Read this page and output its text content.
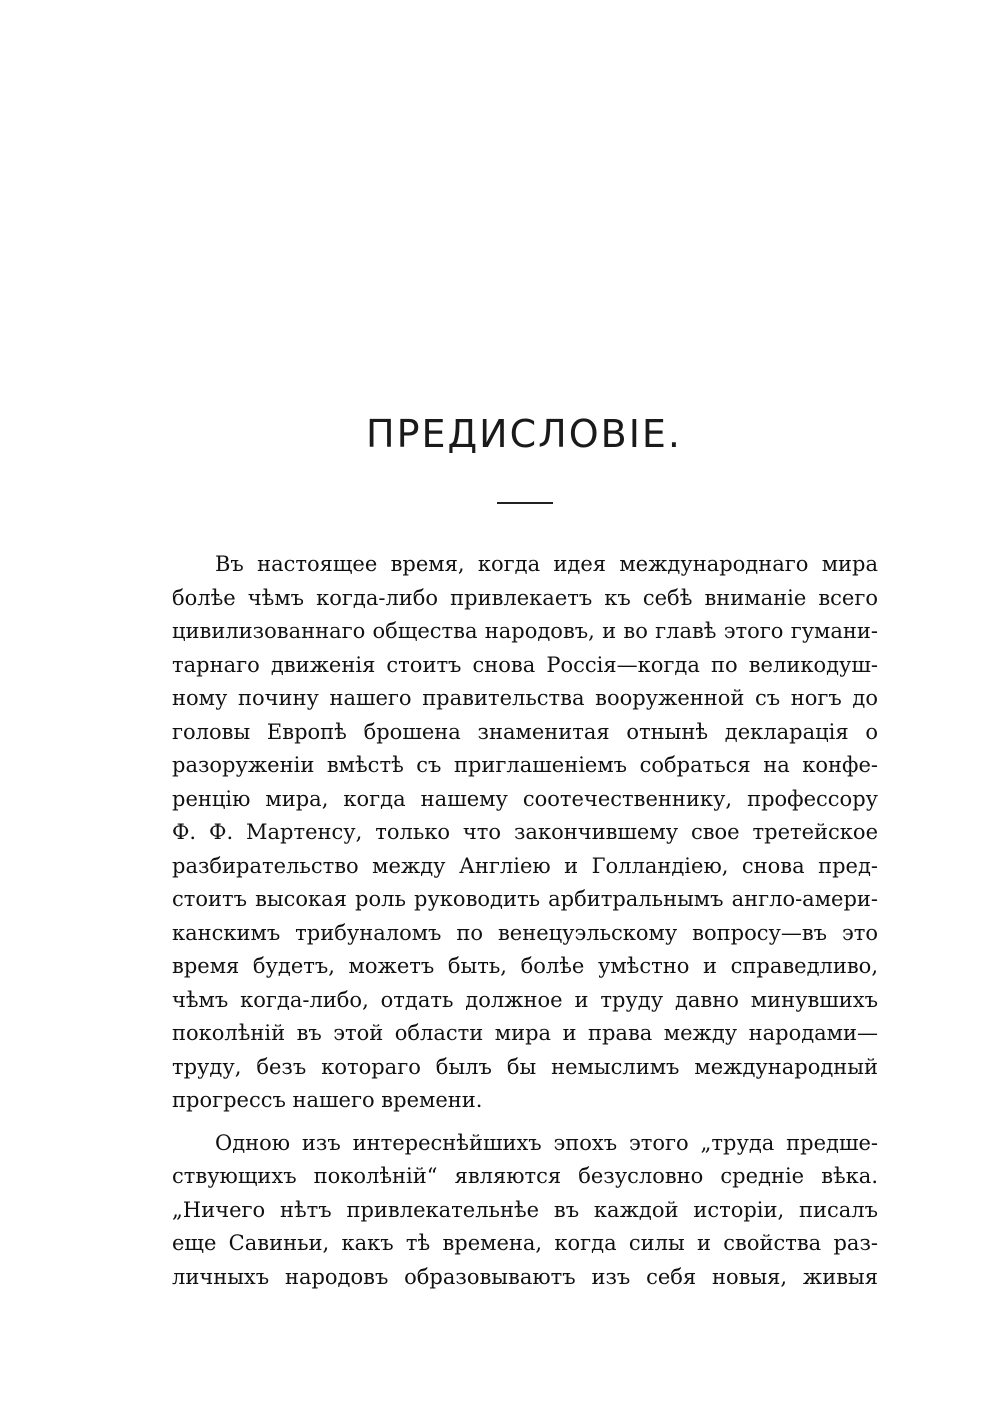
ПРЕДИСЛОВІЕ.
Въ настоящее время, когда идея международнаго мира
болѣе чѣмъ когда-либо привлекаетъ къ себѣ вниманіе всего
цивилизованнаго общества народовъ, и во главѣ этого гумани-
тарнаго движенія стоитъ снова Россія—когда по великодуш-
ному почину нашего правительства вооруженной съ ногъ до
головы Европѣ брошена знаменитая отнынѣ декларація о
разоруженіи вмѣстѣ съ приглашеніемъ собраться на конфе-
ренцію мира, когда нашему соотечественнику, профессору
Ф. Ф. Мартенсу, только что закончившему свое третейское
разбирательство между Англіею и Голландіею, снова пред-
стоитъ высокая роль руководить арбитральнымъ англо-амери-
канскимъ трибуналомъ по венецуэльскому вопросу—въ это
время будетъ, можетъ быть, болѣе умѣстно и справедливо,
чѣмъ когда-либо, отдать должное и труду давно минувшихъ
поколѣній въ этой области мира и права между народами—
труду, безъ котораго былъ бы немыслимъ международный
прогрессъ нашего времени.
Одною изъ интереснѣйшихъ эпохъ этого „труда предше-
ствующихъ поколѣній“ являются безусловно средніе вѣка.
„Ничего нѣтъ привлекательнѣе въ каждой исторіи, писалъ
еще Савиньи, какъ тѣ времена, когда силы и свойства раз-
личныхъ народовъ образовываютъ изъ себя новыя, живыя
